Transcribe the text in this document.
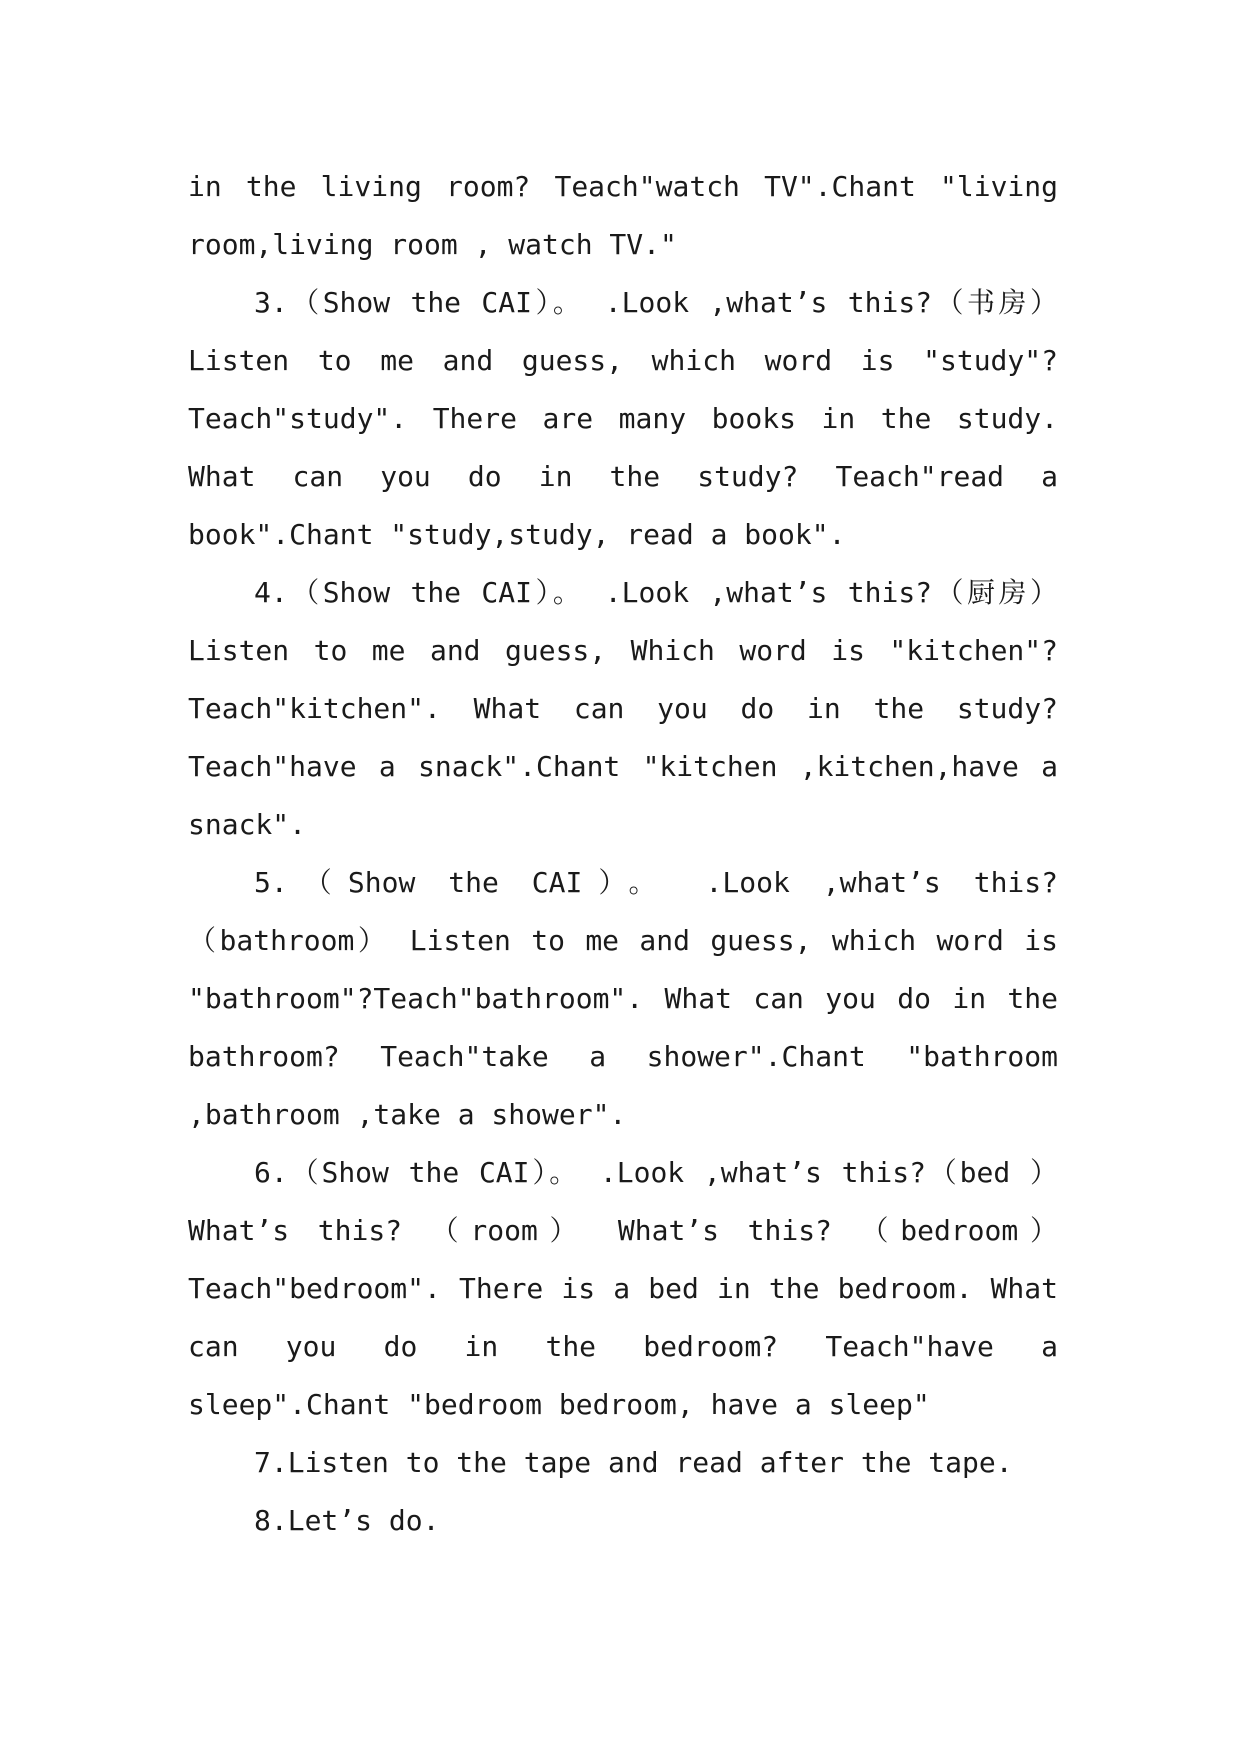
in the living room? Teach"watch TV".Chant "living room,living room , watch TV."

3.（Show the CAI）。 .Look ,what’s this?（书房） Listen to me and guess, which word is "study"?Teach"study". There are many books in the study. What can you do in the study? Teach"read a book".Chant "study,study, read a book".

4.（Show the CAI）。 .Look ,what’s this?（厨房） Listen to me and guess, Which word is "kitchen"?Teach"kitchen". What can you do in the study? Teach"have a snack".Chant "kitchen ,kitchen,have a snack".

5.（Show the CAI）。 .Look ,what’s this?（bathroom） Listen to me and guess, which word is "bathroom"?Teach"bathroom". What can you do in the bathroom? Teach"take a shower".Chant "bathroom ,bathroom ,take a shower".

6.（Show the CAI）。 .Look ,what’s this?（bed ） What’s this? （room） What’s this? （bedroom） Teach"bedroom". There is a bed in the bedroom. What can you do in the bedroom? Teach"have a sleep".Chant "bedroom bedroom, have a sleep"

7.Listen to the tape and read after the tape.

8.Let’s do.
